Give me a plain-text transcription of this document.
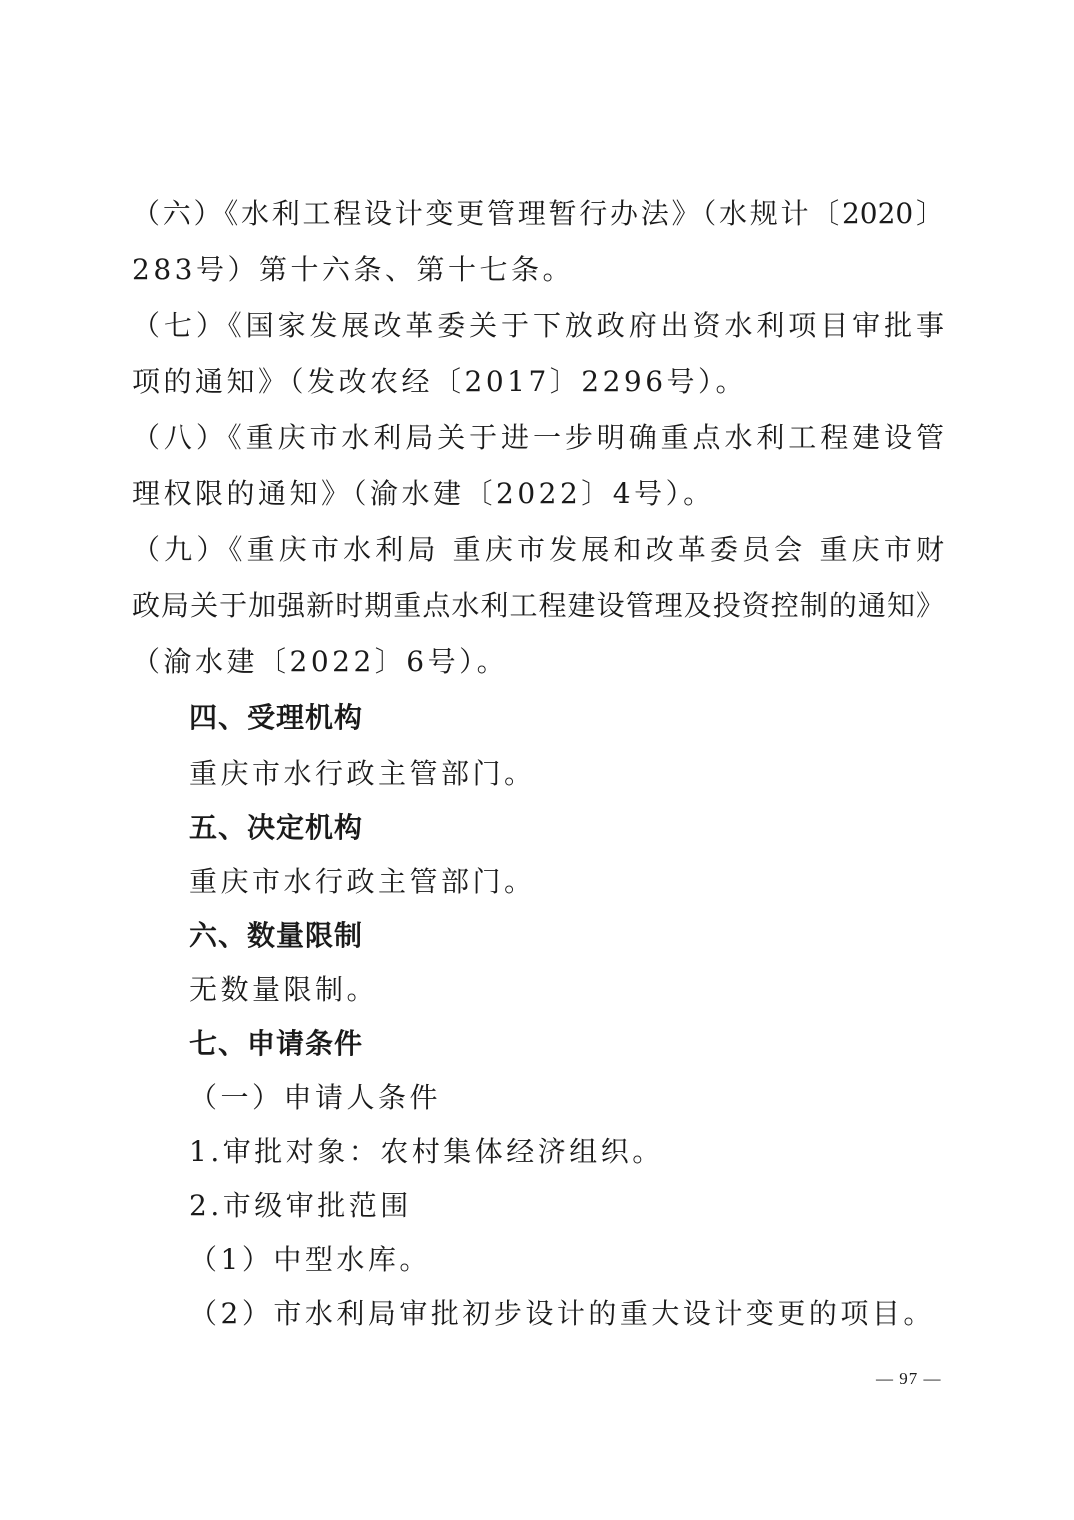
（六）《水利工程设计变更管理暂行办法》（水规计〔2020〕

283号）第十六条、第十七条。

（七）《国家发展改革委关于下放政府出资水利项目审批事

项的通知》（发改农经〔2017〕2296号）。

（八）《重庆市水利局关于进一步明确重点水利工程建设管

理权限的通知》（渝水建〔2022〕4号）。

（九）《重庆市水利局 重庆市发展和改革委员会 重庆市财

政局关于加强新时期重点水利工程建设管理及投资控制的通知》

（渝水建〔2022〕6号）。

四、受理机构

重庆市水行政主管部门。

五、决定机构

重庆市水行政主管部门。

六、数量限制

无数量限制。

七、申请条件

（一）申请人条件

1.审批对象：农村集体经济组织。

2.市级审批范围

（1）中型水库。

（2）市水利局审批初步设计的重大设计变更的项目。

— 97 —
